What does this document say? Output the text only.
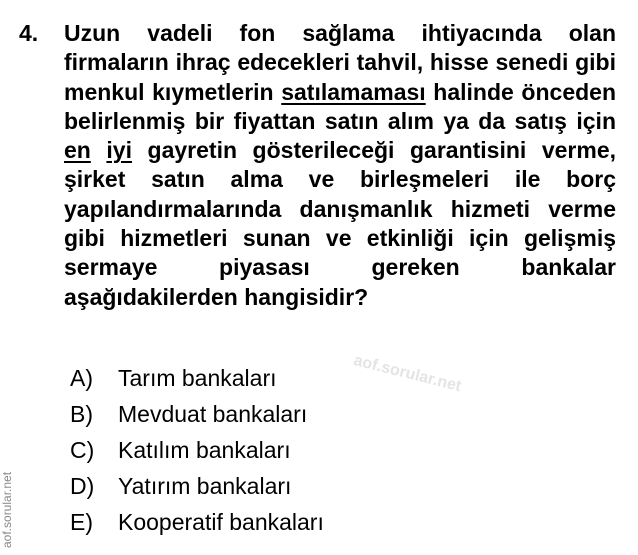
4. Uzun vadeli fon sağlama ihtiyacında olan firmaların ihraç edecekleri tahvil, hisse senedi gibi menkul kıymetlerin satılamaması halinde önceden belirlenmiş bir fiyattan satın alım ya da satış için en iyi gayretin gösterileceği garantisini verme, şirket satın alma ve birleşmeleri ile borç yapılandırmalarında danışmanlık hizmeti verme gibi hizmetleri sunan ve etkinliği için gelişmiş sermaye piyasası gereken bankalar aşağıdakilerden hangisidir?
A)	Tarım bankaları
B)	Mevduat bankaları
C)	Katılım bankaları
D)	Yatırım bankaları
E)	Kooperatif bankaları
aof.sorular.net
aof.sorular.net
